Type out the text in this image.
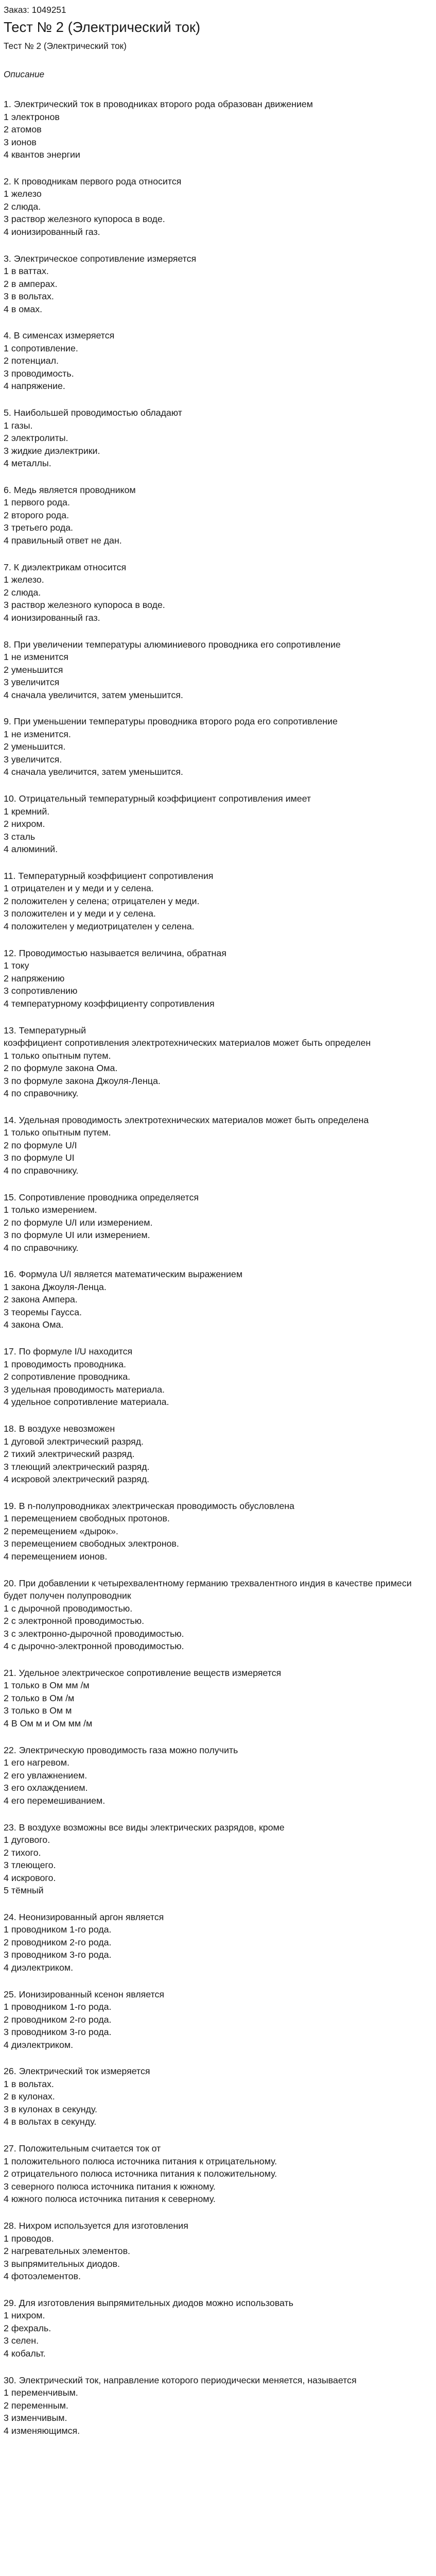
Заказ: 1049251
Тест № 2 (Электрический ток)
Тест № 2 (Электрический ток)
Описание
1. Электрический ток в проводниках второго рода образован движением
1 электронов
2 атомов
3 ионов
4 квантов энергии
2. К проводникам первого рода относится
1 железо
2 слюда.
3 раствор железного купороса в воде.
4 ионизированный газ.
3. Электрическое сопротивление измеряется
1 в ваттах.
2 в амперах.
3 в вольтах.
4 в омах.
4. В сименсах измеряется
1 сопротивление.
2 потенциал.
3 проводимость.
4 напряжение.
5. Наибольшей проводимостью обладают
1 газы.
2 электролиты.
3 жидкие диэлектрики.
4 металлы.
6. Медь является проводником
1 первого рода.
2 второго рода.
3 третьего рода.
4 правильный ответ не дан.
7. К диэлектрикам относится
1 железо.
2 слюда.
3 раствор железного купороса в воде.
4 ионизированный газ.
8. При увеличении температуры алюминиевого проводника его сопротивление
1 не изменится
2 уменьшится
3 увеличится
4 сначала увеличится, затем уменьшится.
9. При уменьшении температуры проводника второго рода его сопротивление
1 не изменится.
2 уменьшится.
3 увеличится.
4 сначала увеличится, затем уменьшится.
10. Отрицательный температурный коэффициент сопротивления имеет
1 кремний.
2 нихром.
3 сталь
4 алюминий.
11. Температурный коэффициент сопротивления
1 отрицателен и у меди и у селена.
2 положителен у селена; отрицателен у меди.
3 положителен и у меди и у селена.
4 положителен у медиотрицателен у селена.
12. Проводимостью называется величина, обратная
1 току
2 напряжению
3 сопротивлению
4 температурному коэффициенту сопротивления
13. Температурный
коэффициент сопротивления электротехнических материалов может быть определен
1 только опытным путем.
2 по формуле закона Ома.
3 по формуле закона Джоуля-Ленца.
4 по справочнику.
14. Удельная проводимость электротехнических материалов может быть определена
1 только опытным путем.
2 по формуле U/I
3 по формуле UI
4 по справочнику.
15. Сопротивление проводника определяется
1 только измерением.
2 по формуле U/I или измерением.
3 по формуле UI или измерением.
4 по справочнику.
16. Формула U/I является математическим выражением
1 закона Джоуля-Ленца.
2 закона Ампера.
3 теоремы Гаусса.
4 закона Ома.
17. По формуле I/U находится
1 проводимость проводника.
2 сопротивление проводника.
3 удельная проводимость материала.
4 удельное сопротивление материала.
18. В воздухе невозможен
1 дуговой электрический разряд.
2 тихий электрический разряд.
3 тлеющий электрический разряд.
4 искровой электрический разряд.
19. В n-полупроводниках электрическая проводимость обусловлена
1 перемещением свободных протонов.
2 перемещением «дырок».
3 перемещением свободных электронов.
4 перемещением ионов.
20. При добавлении к четырехвалентному германию трехвалентного индия в качестве примеси будет получен полупроводник
1 с дырочной проводимостью.
2 с электронной проводимостью.
3 с электронно-дырочной проводимостью.
4 с дырочно-электронной проводимостью.
21. Удельное электрическое сопротивление веществ измеряется
1 только в Ом мм /м
2 только в Ом /м
3 только в Ом м
4 В Ом м и Ом мм /м
22. Электрическую проводимость газа можно получить
1 его нагревом.
2 его увлажнением.
3 его охлаждением.
4 его перемешиванием.
23. В воздухе возможны все виды электрических разрядов, кроме
1 дугового.
2 тихого.
3 тлеющего.
4 искрового.
5 тёмный
24. Неонизированный аргон является
1 проводником 1-го рода.
2 проводником 2-го рода.
3 проводником 3-го рода.
4 диэлектриком.
25. Ионизированный ксенон является
1 проводником 1-го рода.
2 проводником 2-го рода.
3 проводником 3-го рода.
4 диэлектриком.
26. Электрический ток измеряется
1 в вольтах.
2 в кулонах.
3 в кулонах в секунду.
4 в вольтах в секунду.
27. Положительным считается ток от
1 положительного полюса источника питания к отрицательному.
2 отрицательного полюса источника питания к положительному.
3 северного полюса источника питания к южному.
4 южного полюса источника питания к северному.
28. Нихром используется для изготовления
1 проводов.
2 нагревательных элементов.
3 выпрямительных диодов.
4 фотоэлементов.
29. Для изготовления выпрямительных диодов можно использовать
1 нихром.
2 фехраль.
3 селен.
4 кобальт.
30. Электрический ток, направление которого периодически меняется, называется
1 переменчивым.
2 переменным.
3 изменчивым.
4 изменяющимся.
